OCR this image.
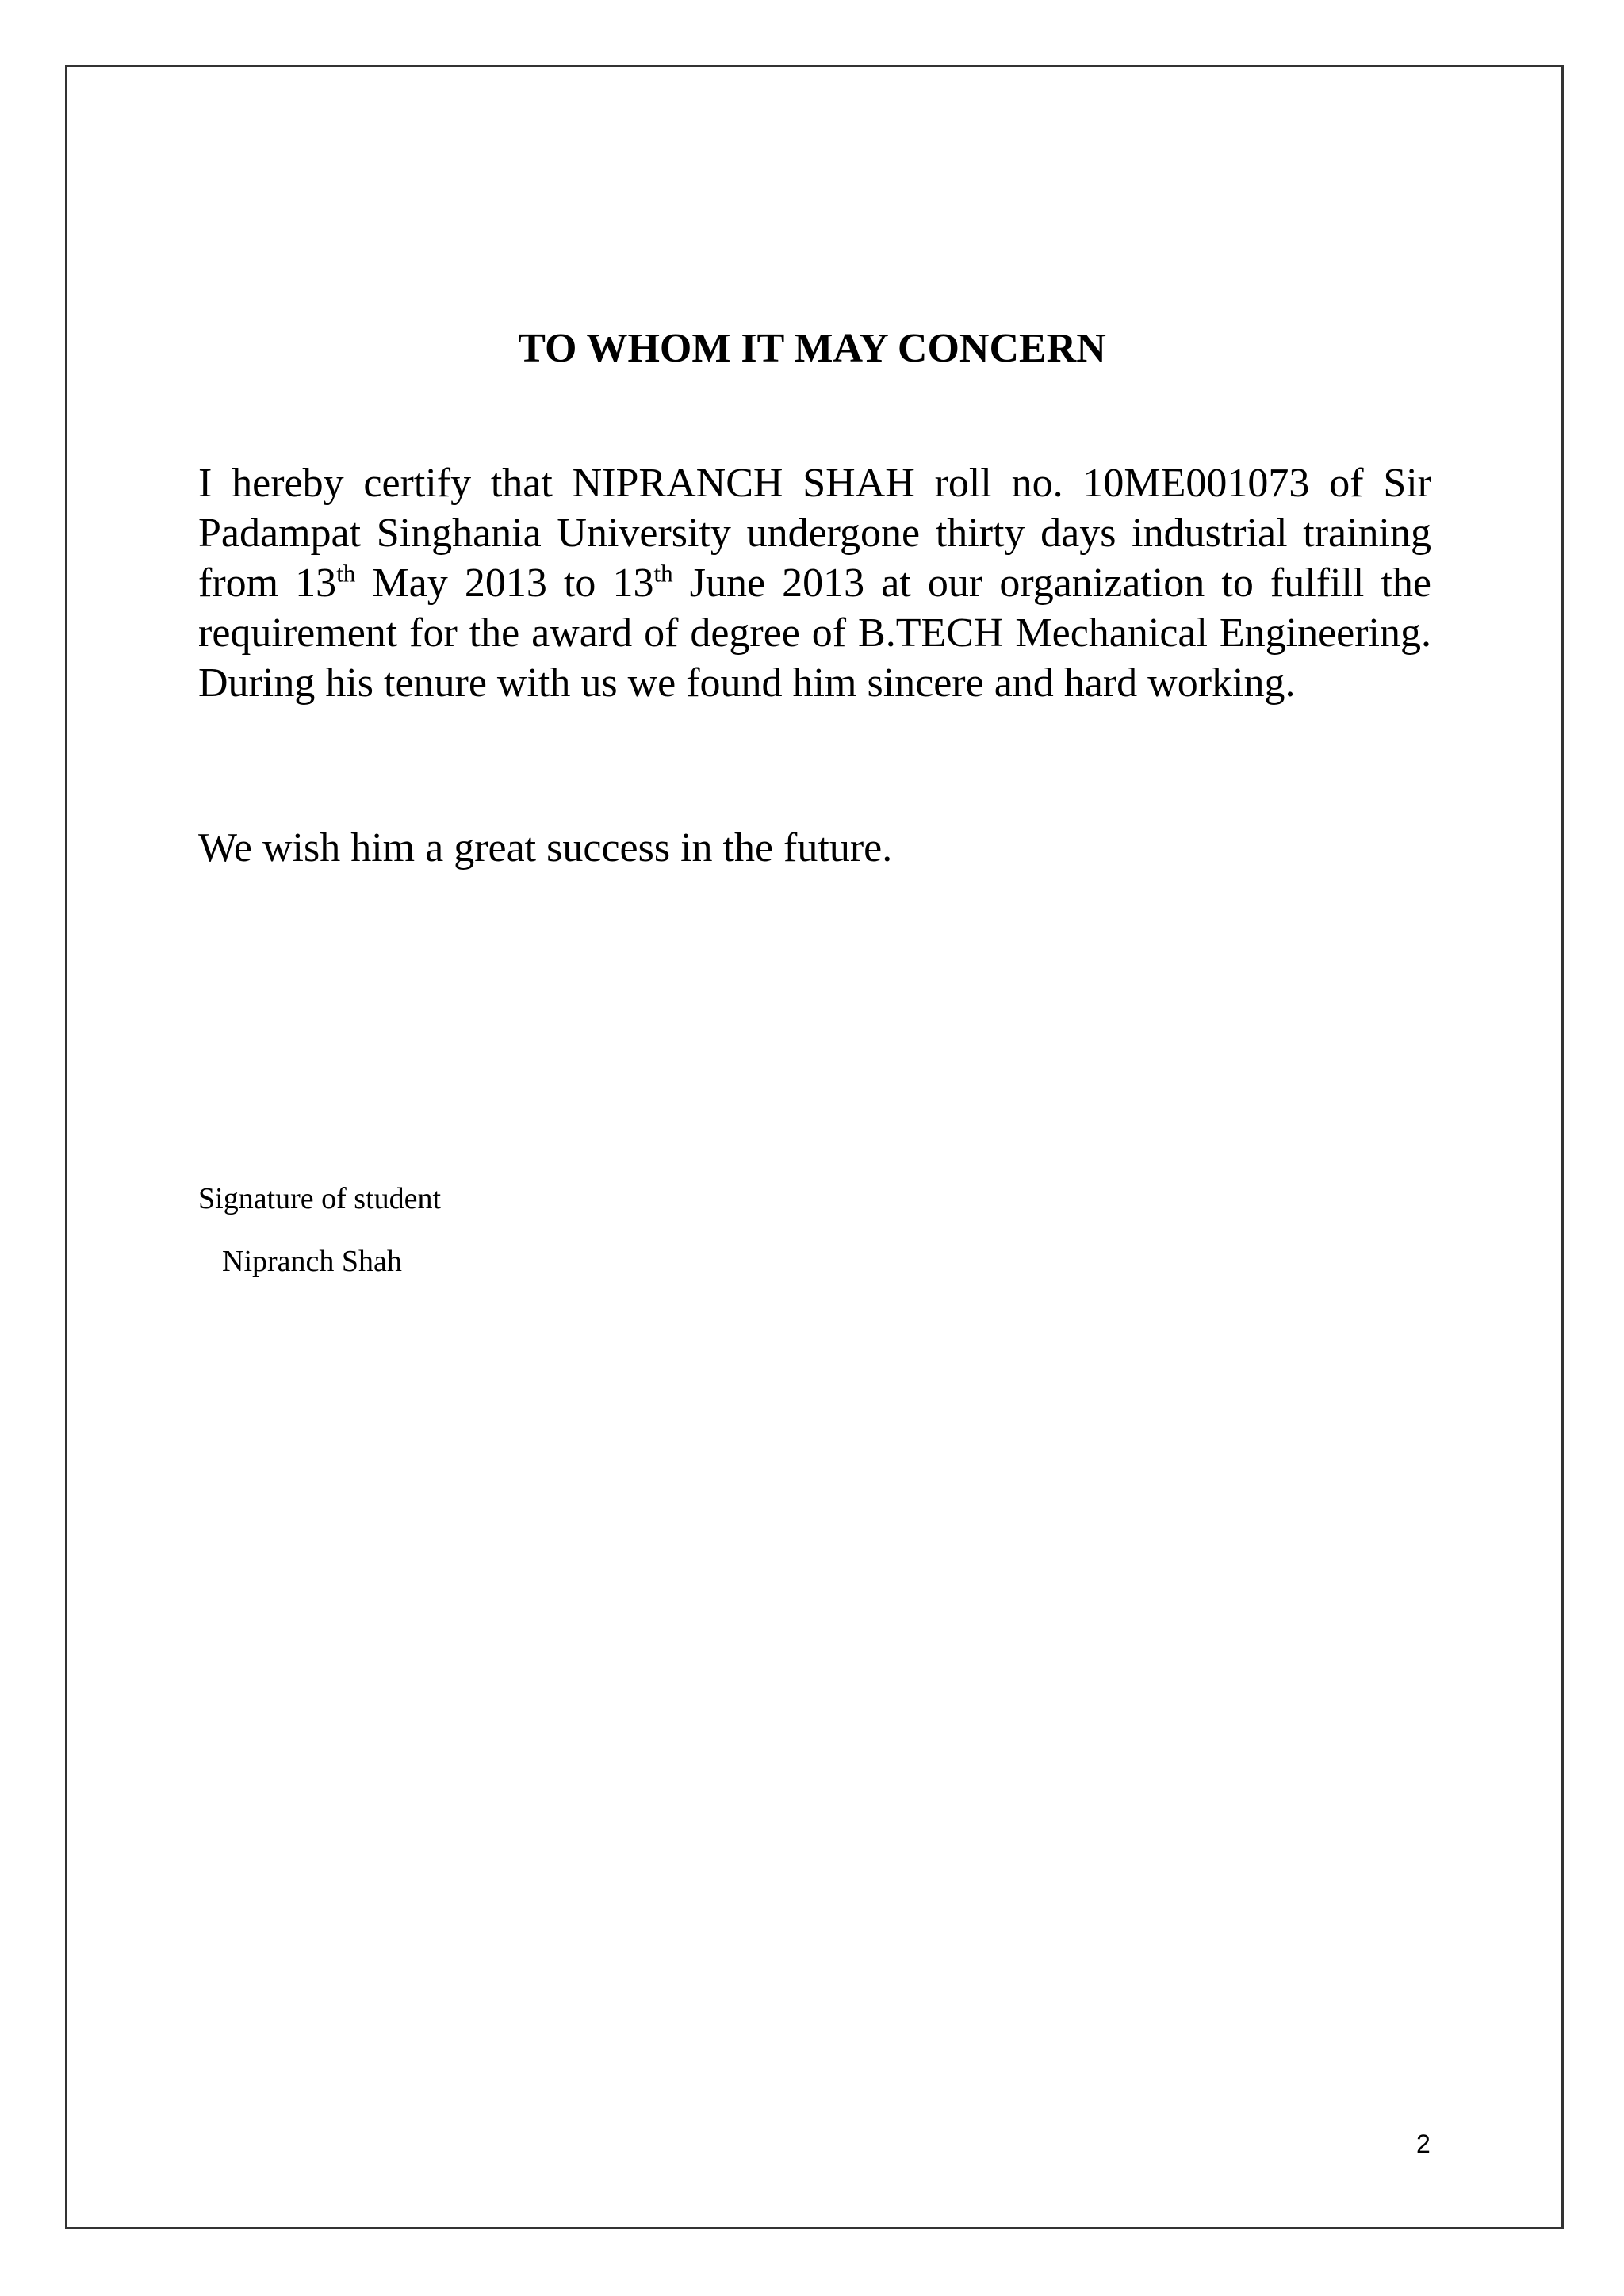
TO WHOM IT MAY CONCERN

I hereby certify that NIPRANCH SHAH roll no. 10ME001073 of Sir Padampat Singhania University undergone thirty days industrial training from 13th May 2013 to 13th June 2013 at our organization to fulfill the requirement for the award of degree of B.TECH Mechanical Engineering. During his tenure with us we found him sincere and hard working.

We wish him a great success in the future.

Signature of student

Nipranch Shah

2
